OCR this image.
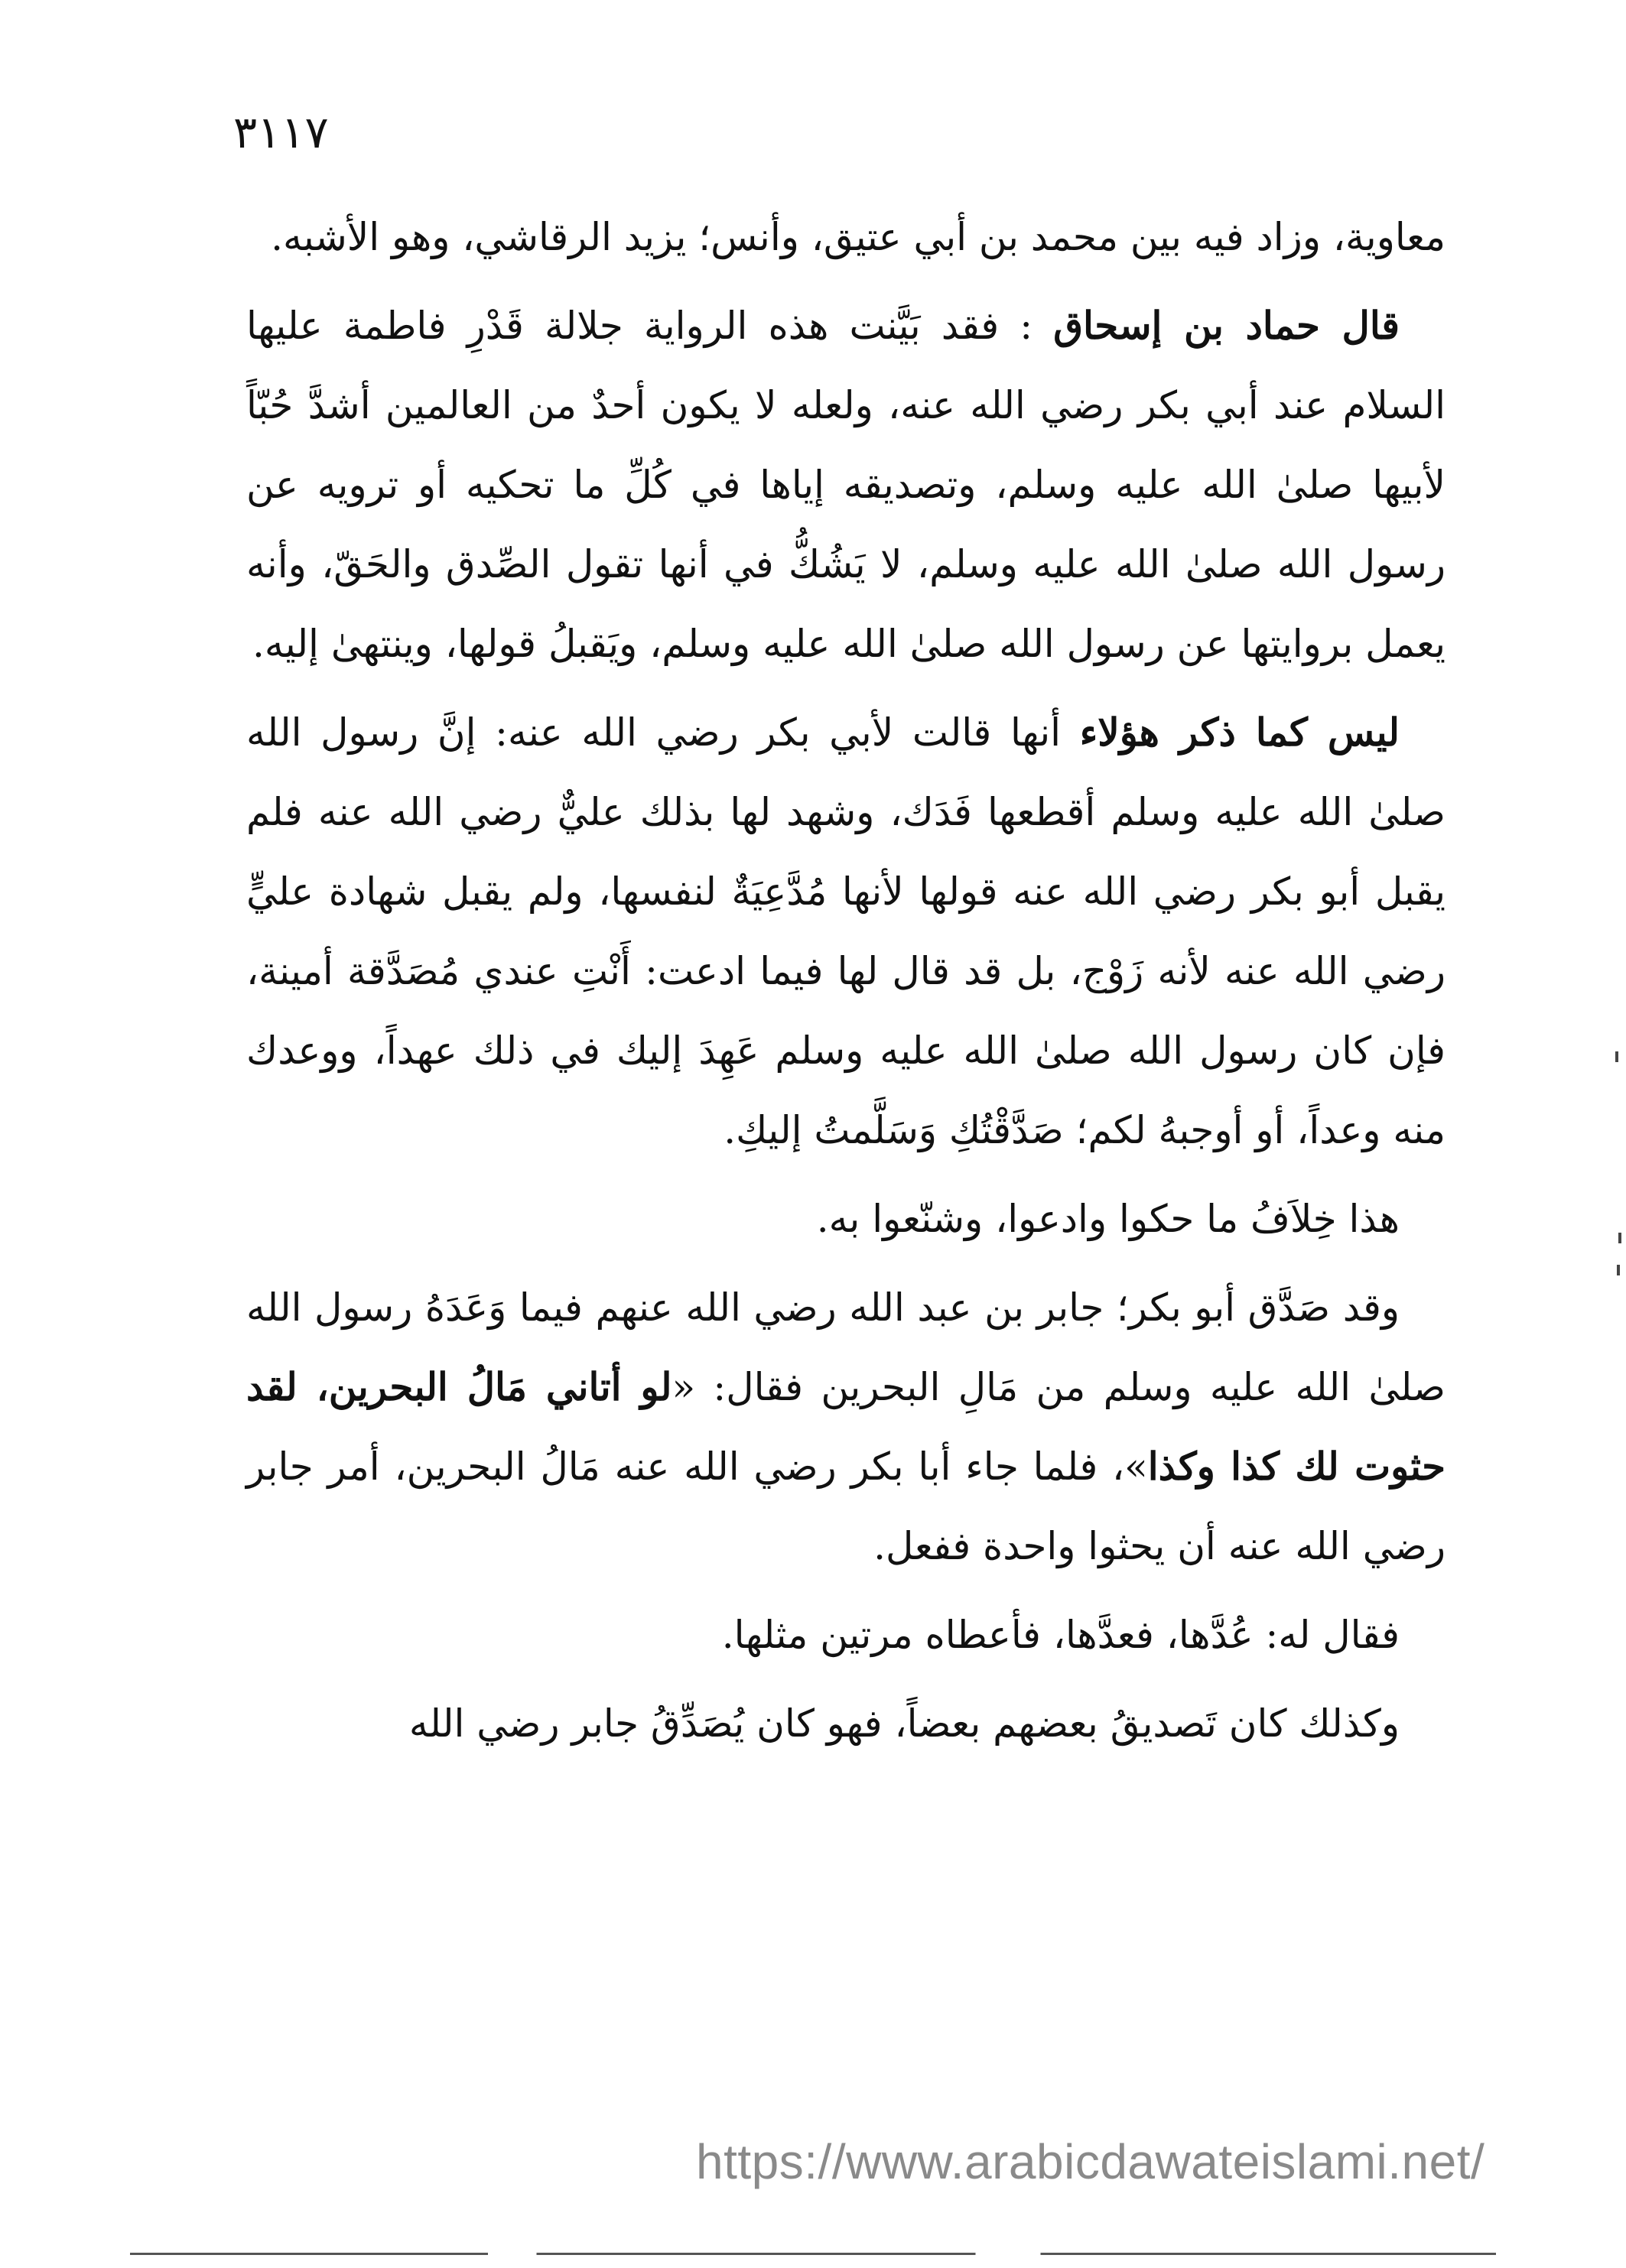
٣١١٧

معاوية، وزاد فيه بين محمد بن أبي عتيق، وأنس؛ يزيد الرقاشي، وهو الأشبه.

قال حماد بن إسحاق : فقد بَيَّنت هذه الرواية جلالة قَدْرِ فاطمة عليها السلام عند أبي بكر رضي الله عنه، ولعله لا يكون أحدٌ من العالمين أشدَّ حُبّاً لأبيها صلىٰ الله عليه وسلم، وتصديقه إياها في كُلِّ ما تحكيه أو ترويه عن رسول الله صلىٰ الله عليه وسلم، لا يَشُكُّ في أنها تقول الصِّدق والحَقّ، وأنه يعمل بروايتها عن رسول الله صلىٰ الله عليه وسلم، ويَقبلُ قولها، وينتهىٰ إليه.

ليس كما ذكر هؤلاء أنها قالت لأبي بكر رضي الله عنه: إنَّ رسول الله صلىٰ الله عليه وسلم أقطعها فَدَك، وشهد لها بذلك عليٌّ رضي الله عنه فلم يقبل أبو بكر رضي الله عنه قولها لأنها مُدَّعِيَةٌ لنفسها، ولم يقبل شهادة عليٍّ رضي الله عنه لأنه زَوْج، بل قد قال لها فيما ادعت: أَنْتِ عندي مُصَدَّقة أمينة، فإن كان رسول الله صلىٰ الله عليه وسلم عَهِدَ إليك في ذلك عهداً، ووعدك منه وعداً، أو أوجبهُ لكم؛ صَدَّقْتُكِ وَسَلَّمتُ إليكِ.

هذا خِلاَفُ ما حكوا وادعوا، وشنّعوا به.

وقد صَدَّق أبو بكر؛ جابر بن عبد الله رضي الله عنهم فيما وَعَدَهُ رسول الله صلىٰ الله عليه وسلم من مَالِ البحرين فقال: «لو أتاني مَالُ البحرين، لقد حثوت لك كذا وكذا»، فلما جاء أبا بكر رضي الله عنه مَالُ البحرين، أمر جابر رضي الله عنه أن يحثوا واحدة ففعل.

فقال له: عُدَّها، فعدَّها، فأعطاه مرتين مثلها.

وكذلك كان تَصديقُ بعضهم بعضاً، فهو كان يُصَدِّقُ جابر رضي الله

https://www.arabicdawateislami.net/
